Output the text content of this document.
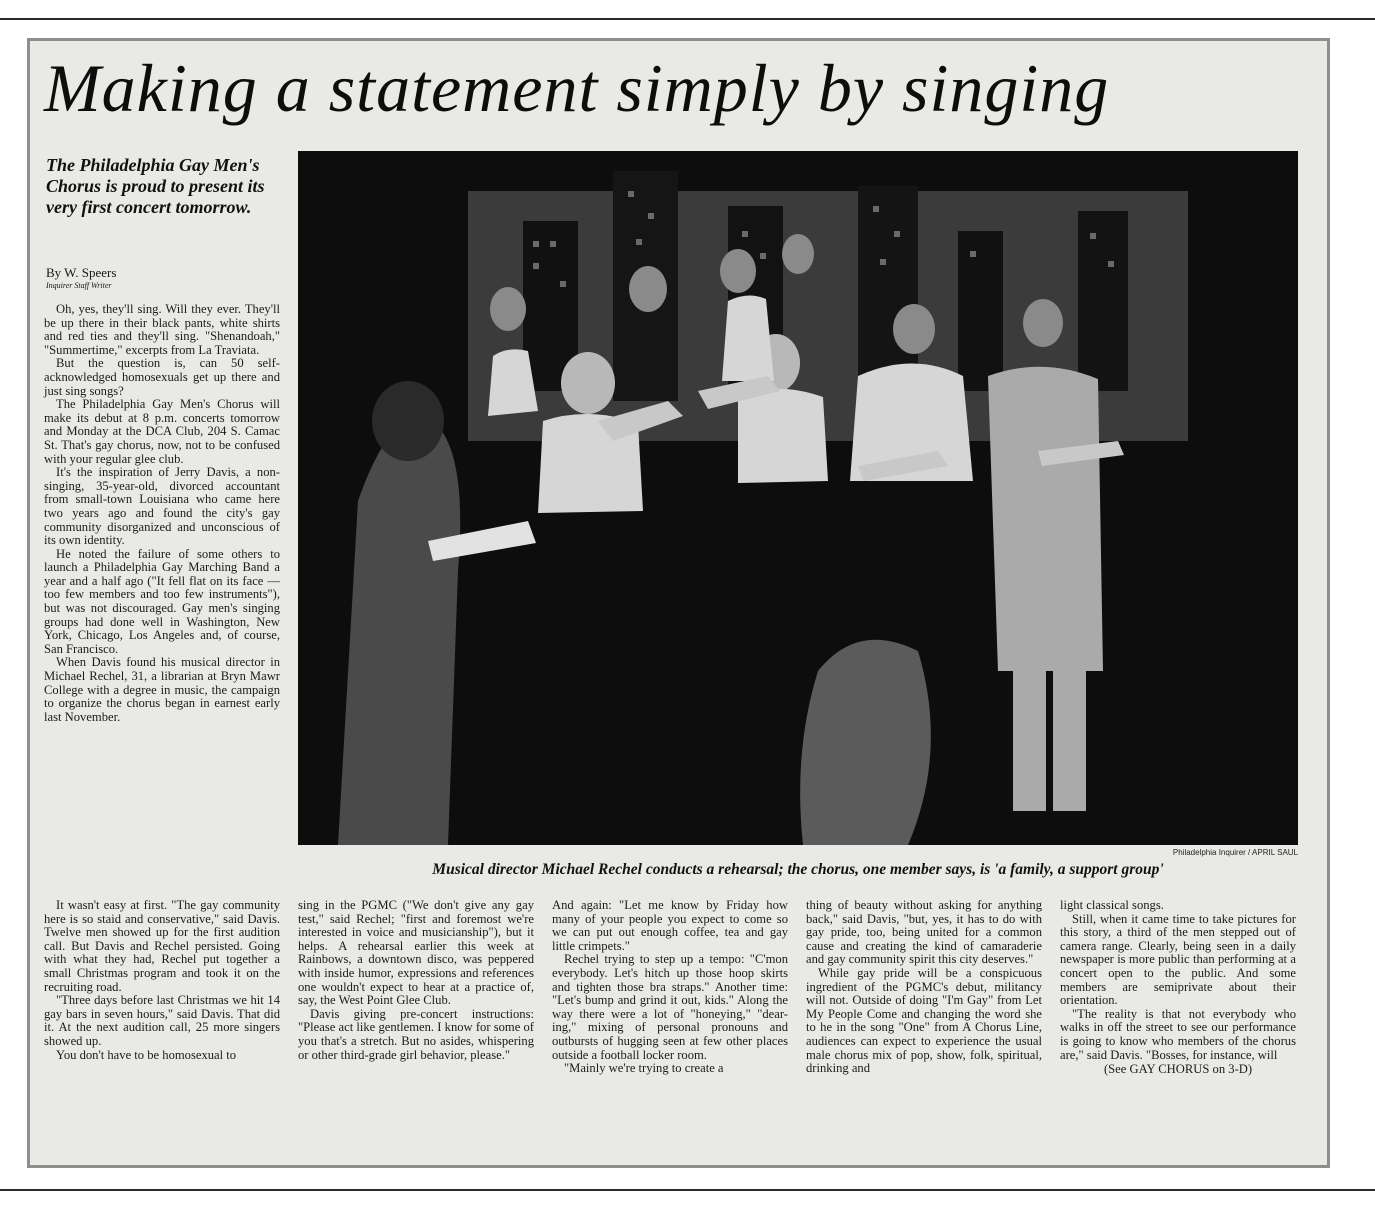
Making a statement simply by singing

The Philadelphia Gay Men's Chorus is proud to present its very first concert tomorrow.

By W. Speers
Inquirer Staff Writer

Oh, yes, they'll sing. Will they ever. They'll be up there in their black pants, white shirts and red ties and they'll sing. "Shenandoah," "Summertime," excerpts from La Traviata.

But the question is, can 50 self-acknowledged homosexuals get up there and just sing songs?

The Philadelphia Gay Men's Chorus will make its debut at 8 p.m. concerts tomorrow and Monday at the DCA Club, 204 S. Camac St. That's gay chorus, now, not to be confused with your regular glee club.

It's the inspiration of Jerry Davis, a non-singing, 35-year-old, divorced accountant from small-town Louisiana who came here two years ago and found the city's gay community disorganized and unconscious of its own identity.

He noted the failure of some others to launch a Philadelphia Gay Marching Band a year and a half ago ("It fell flat on its face — too few members and too few instruments"), but was not discouraged. Gay men's singing groups had done well in Washington, New York, Chicago, Los Angeles and, of course, San Francisco.

When Davis found his musical director in Michael Rechel, 31, a librarian at Bryn Mawr College with a degree in music, the campaign to organize the chorus began in earnest early last November.

Philadelphia Inquirer / APRIL SAUL
Musical director Michael Rechel conducts a rehearsal; the chorus, one member says, is 'a family, a support group'

It wasn't easy at first. "The gay community here is so staid and conservative," said Davis. Twelve men showed up for the first audition call. But Davis and Rechel persisted. Going with what they had, Rechel put together a small Christmas program and took it on the recruiting road.

"Three days before last Christmas we hit 14 gay bars in seven hours," said Davis. That did it. At the next audition call, 25 more singers showed up.

You don't have to be homosexual to

sing in the PGMC ("We don't give any gay test," said Rechel; "first and foremost we're interested in voice and musicianship"), but it helps. A rehearsal earlier this week at Rainbows, a downtown disco, was peppered with inside humor, expressions and references one wouldn't expect to hear at a practice of, say, the West Point Glee Club.

Davis giving pre-concert instructions: "Please act like gentlemen. I know for some of you that's a stretch. But no asides, whispering or other third-grade girl behavior, please."

And again: "Let me know by Friday how many of your people you expect to come so we can put out enough coffee, tea and gay little crimpets."

Rechel trying to step up a tempo: "C'mon everybody. Let's hitch up those hoop skirts and tighten those bra straps." Another time: "Let's bump and grind it out, kids." Along the way there were a lot of "honeying," "dear-ing," mixing of personal pronouns and outbursts of hugging seen at few other places outside a football locker room.

"Mainly we're trying to create a

thing of beauty without asking for anything back," said Davis, "but, yes, it has to do with gay pride, too, being united for a common cause and creating the kind of camaraderie and gay community spirit this city deserves."

While gay pride will be a conspicuous ingredient of the PGMC's debut, militancy will not. Outside of doing "I'm Gay" from Let My People Come and changing the word she to he in the song "One" from A Chorus Line, audiences can expect to experience the usual male chorus mix of pop, show, folk, spiritual, drinking and

light classical songs.

Still, when it came time to take pictures for this story, a third of the men stepped out of camera range. Clearly, being seen in a daily newspaper is more public than performing at a concert open to the public. And some members are semiprivate about their orientation.

"The reality is that not everybody who walks in off the street to see our performance is going to know who members of the chorus are," said Davis. "Bosses, for instance, will

(See GAY CHORUS on 3-D)
